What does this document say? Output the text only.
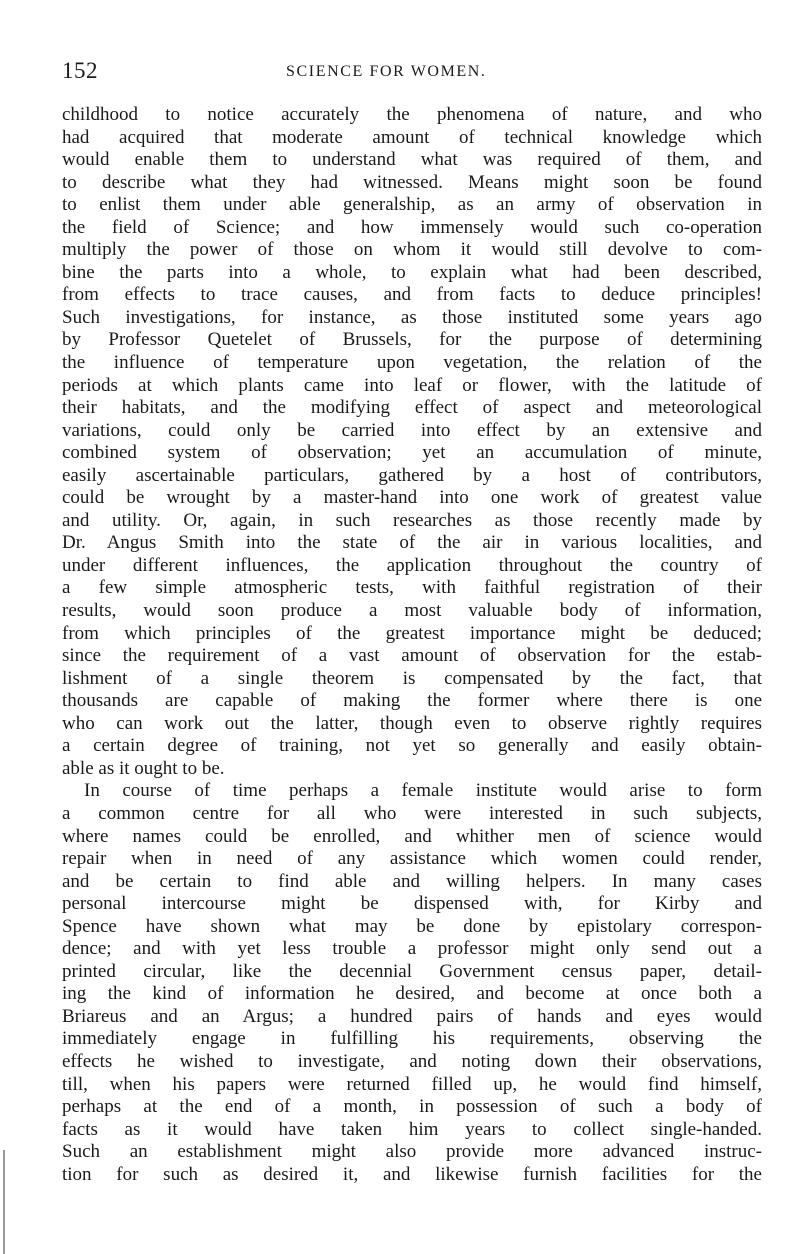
152	SCIENCE FOR WOMEN.
childhood to notice accurately the phenomena of nature, and who
had acquired that moderate amount of technical knowledge which
would enable them to understand what was required of them, and
to describe what they had witnessed. Means might soon be found
to enlist them under able generalship, as an army of observation in
the field of Science; and how immensely would such co-operation
multiply the power of those on whom it would still devolve to com-
bine the parts into a whole, to explain what had been described,
from effects to trace causes, and from facts to deduce principles!
Such investigations, for instance, as those instituted some years ago
by Professor Quetelet of Brussels, for the purpose of determining
the influence of temperature upon vegetation, the relation of the
periods at which plants came into leaf or flower, with the latitude of
their habitats, and the modifying effect of aspect and meteorological
variations, could only be carried into effect by an extensive and
combined system of observation; yet an accumulation of minute,
easily ascertainable particulars, gathered by a host of contributors,
could be wrought by a master-hand into one work of greatest value
and utility. Or, again, in such researches as those recently made by
Dr. Angus Smith into the state of the air in various localities, and
under different influences, the application throughout the country of
a few simple atmospheric tests, with faithful registration of their
results, would soon produce a most valuable body of information,
from which principles of the greatest importance might be deduced;
since the requirement of a vast amount of observation for the estab-
lishment of a single theorem is compensated by the fact, that
thousands are capable of making the former where there is one
who can work out the latter, though even to observe rightly requires
a certain degree of training, not yet so generally and easily obtain-
able as it ought to be.
In course of time perhaps a female institute would arise to form
a common centre for all who were interested in such subjects,
where names could be enrolled, and whither men of science would
repair when in need of any assistance which women could render,
and be certain to find able and willing helpers. In many cases
personal intercourse might be dispensed with, for Kirby and
Spence have shown what may be done by epistolary correspon-
dence; and with yet less trouble a professor might only send out a
printed circular, like the decennial Government census paper, detail-
ing the kind of information he desired, and become at once both a
Briareus and an Argus; a hundred pairs of hands and eyes would
immediately engage in fulfilling his requirements, observing the
effects he wished to investigate, and noting down their observations,
till, when his papers were returned filled up, he would find himself,
perhaps at the end of a month, in possession of such a body of
facts as it would have taken him years to collect single-handed.
Such an establishment might also provide more advanced instruc-
tion for such as desired it, and likewise furnish facilities for the
